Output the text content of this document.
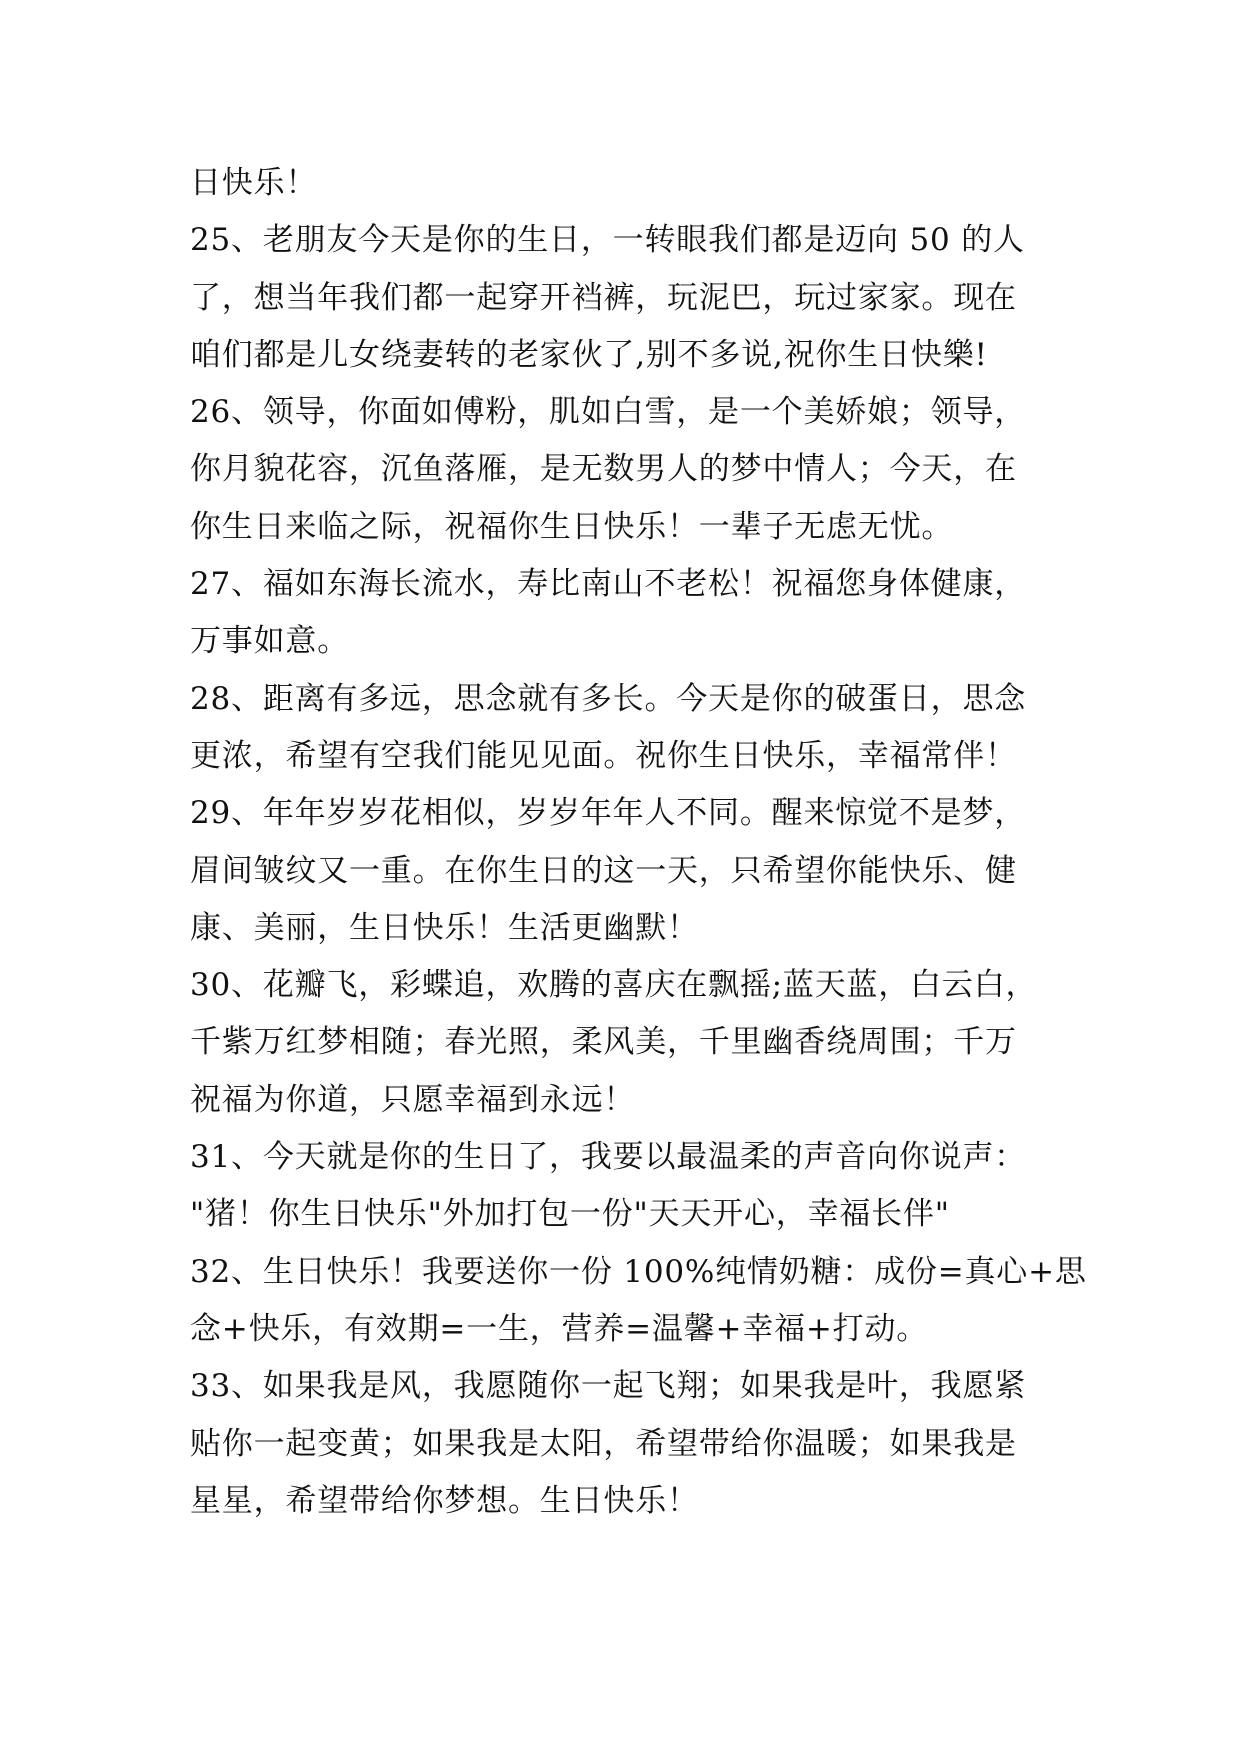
日快乐！
25、老朋友今天是你的生日，一转眼我们都是迈向 50 的人
了，想当年我们都一起穿开裆裤，玩泥巴，玩过家家。现在
咱们都是儿女绕妻转的老家伙了,别不多说,祝你生日快樂!
26、领导，你面如傅粉，肌如白雪，是一个美娇娘；领导，
你月貌花容，沉鱼落雁，是无数男人的梦中情人；今天，在
你生日来临之际，祝福你生日快乐！一辈子无虑无忧。
27、福如东海长流水，寿比南山不老松！祝福您身体健康，
万事如意。
28、距离有多远，思念就有多长。今天是你的破蛋日，思念
更浓，希望有空我们能见见面。祝你生日快乐，幸福常伴！
29、年年岁岁花相似，岁岁年年人不同。醒来惊觉不是梦，
眉间皱纹又一重。在你生日的这一天，只希望你能快乐、健
康、美丽，生日快乐！生活更幽默！
30、花瓣飞，彩蝶追，欢腾的喜庆在飘摇;蓝天蓝，白云白，
千紫万红梦相随；春光照，柔风美，千里幽香绕周围；千万
祝福为你道，只愿幸福到永远！
31、今天就是你的生日了，我要以最温柔的声音向你说声：
"猪！你生日快乐"外加打包一份"天天开心，幸福长伴"
32、生日快乐！我要送你一份 100%纯情奶糖：成份=真心+思
念+快乐，有效期=一生，营养=温馨+幸福+打动。
33、如果我是风，我愿随你一起飞翔；如果我是叶，我愿紧
贴你一起变黄；如果我是太阳，希望带给你温暖；如果我是
星星，希望带给你梦想。生日快乐！
